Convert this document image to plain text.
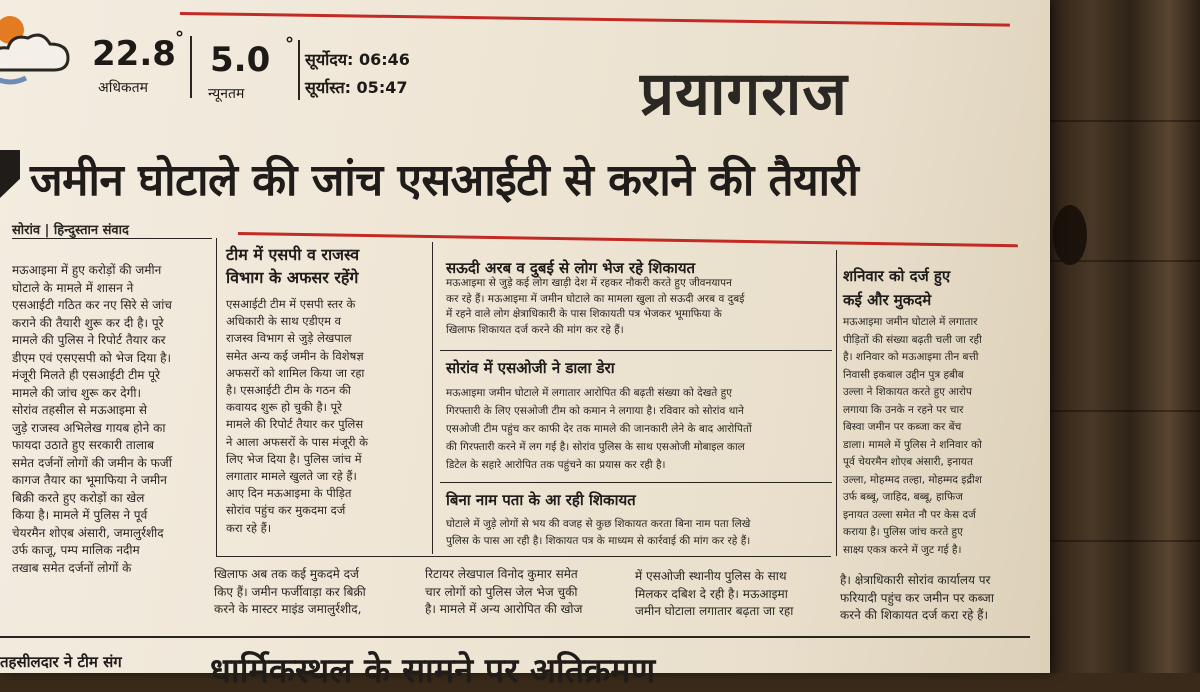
22.8 °
अधिकतम
5.0 °
न्यूनतम
सूर्योदय: 06:46
सूर्यास्त: 05:47	प्रयागराज
जमीन घोटाले की जांच एसआईटी से कराने की तैयारी
सोरांव | हिन्दुस्तान संवाद
मऊआइमा में हुए करोड़ों की जमीन
घोटाले के मामले में शासन ने
एसआईटी गठित कर नए सिरे से जांच
कराने की तैयारी शुरू कर दी है। पूरे
मामले की पुलिस ने रिपोर्ट तैयार कर
डीएम एवं एसएसपी को भेज दिया है।
मंजूरी मिलते ही एसआईटी टीम पूरे
मामले की जांच शुरू कर देगी।
सोरांव तहसील से मऊआइमा से
जुड़े राजस्व अभिलेख गायब होने का
फायदा उठाते हुए सरकारी तालाब
समेत दर्जनों लोगों की जमीन के फर्जी
कागज तैयार का भूमाफिया ने जमीन
बिक्री करते हुए करोड़ों का खेल
किया है। मामले में पुलिस ने पूर्व
चेयरमैन शोएब अंसारी, जमालुर्रशीद
उर्फ काजू, पम्प मालिक नदीम
तखाब समेत दर्जनों लोगों के
टीम में एसपी व राजस्व
विभाग के अफसर रहेंगे
एसआईटी टीम में एसपी स्तर के
अधिकारी के साथ एडीएम व
राजस्व विभाग से जुड़े लेखपाल
समेत अन्य कई जमीन के विशेषज्ञ
अफसरों को शामिल किया जा रहा
है। एसआईटी टीम के गठन की
कवायद शुरू हो चुकी है। पूरे
मामले की रिपोर्ट तैयार कर पुलिस
ने आला अफसरों के पास मंजूरी के
लिए भेज दिया है। पुलिस जांच में
लगातार मामले खुलते जा रहे हैं।
आए दिन मऊआइमा के पीड़ित
सोरांव पहुंच कर मुकदमा दर्ज
करा रहे हैं।
सऊदी अरब व दुबई से लोग भेज रहे शिकायत
मऊआइमा से जुड़े कई लोग खाड़ी देश में रहकर नौकरी करते हुए जीवनयापन
कर रहे हैं। मऊआइमा में जमीन घोटाले का मामला खुला तो सऊदी अरब व दुबई
में रहने वाले लोग क्षेत्राधिकारी के पास शिकायती पत्र भेजकर भूमाफिया के
खिलाफ शिकायत दर्ज करने की मांग कर रहे हैं।
सोरांव में एसओजी ने डाला डेरा
मऊआइमा जमीन घोटाले में लगातार आरोपित की बढ़ती संख्या को देखते हुए
गिरफ्तारी के लिए एसओजी टीम को कमान ने लगाया है। रविवार को सोरांव थाने
एसओजी टीम पहुंच कर काफी देर तक मामले की जानकारी लेने के बाद आरोपितों
की गिरफ्तारी करने में लग गई है। सोरांव पुलिस के साथ एसओजी मोबाइल काल
डिटेल के सहारे आरोपित तक पहुंचने का प्रयास कर रही है।
बिना नाम पता के आ रही शिकायत
घोटाले में जुड़े लोगों से भय की वजह से कुछ शिकायत करता बिना नाम पता लिखे
पुलिस के पास आ रही है। शिकायत पत्र के माध्यम से कार्रवाई की मांग कर रहे हैं।
शनिवार को दर्ज हुए
कई और मुकदमे
मऊआइमा जमीन घोटाले में लगातार
पीड़ितों की संख्या बढ़ती चली जा रही
है। शनिवार को मऊआइमा तीन बत्ती
निवासी इकबाल उद्दीन पुत्र हबीब
उल्ला ने शिकायत करते हुए आरोप
लगाया कि उनके न रहने पर चार
बिस्वा जमीन पर कब्जा कर बेंच
डाला। मामले में पुलिस ने शनिवार को
पूर्व चेयरमैन शोएब अंसारी, इनायत
उल्ला, मोहम्मद तल्हा, मोहम्मद इद्रीश
उर्फ बब्बू, जाहिद, बब्बू, हाफिज
इनायत उल्ला समेत नौ पर केस दर्ज
कराया है। पुलिस जांच करते हुए
साक्ष्य एकत्र करने में जुट गई है।
खिलाफ अब तक कई मुकदमे दर्ज
किए हैं। जमीन फर्जीवाड़ा कर बिक्री
करने के मास्टर माइंड जमालुर्रशीद,
रिटायर लेखपाल विनोद कुमार समेत
चार लोगों को पुलिस जेल भेज चुकी
है। मामले में अन्य आरोपित की खोज
में एसओजी स्थानीय पुलिस के साथ
मिलकर दबिश दे रही है। मऊआइमा
जमीन घोटाला लगातार बढ़ता जा रहा
है। क्षेत्राधिकारी सोरांव कार्यालय पर
फरियादी पहुंच कर जमीन पर कब्जा
करने की शिकायत दर्ज करा रहे हैं।
तहसीलदार ने टीम संग	धार्मिकस्थल के सामने पर अतिक्रमण
